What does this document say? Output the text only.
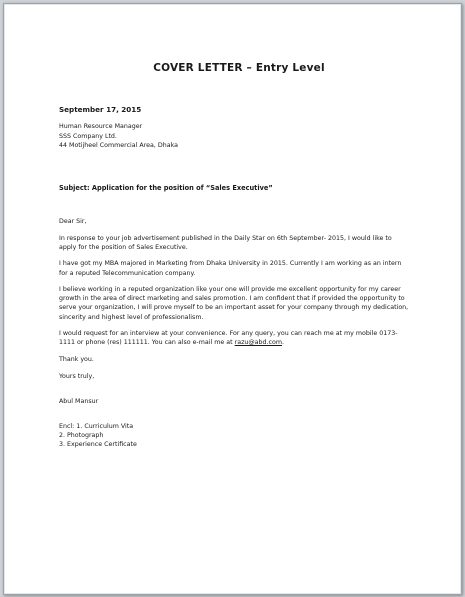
COVER LETTER – Entry Level
September 17, 2015
Human Resource Manager
SSS Company Ltd.
44 Motijheel Commercial Area, Dhaka
Subject: Application for the position of “Sales Executive”

Dear Sir,

In response to your job advertisement published in the Daily Star on 6th September- 2015, I would like to apply for the position of Sales Executive.

I have got my MBA majored in Marketing from Dhaka University in 2015. Currently I am working as an intern for a reputed Telecommunication company.

I believe working in a reputed organization like your one will provide me excellent opportunity for my career growth in the area of direct marketing and sales promotion. I am confident that if provided the opportunity to serve your organization, I will prove myself to be an important asset for your company through my dedication, sincerity and highest level of professionalism.

I would request for an interview at your convenience. For any query, you can reach me at my mobile 0173-1111 or phone (res) 111111. You can also e-mail me at razu@abd.com.

Thank you.

Yours truly,

Abul Mansur

Encl: 1. Curriculum Vita

2. Photograph

3. Experience Certificate
